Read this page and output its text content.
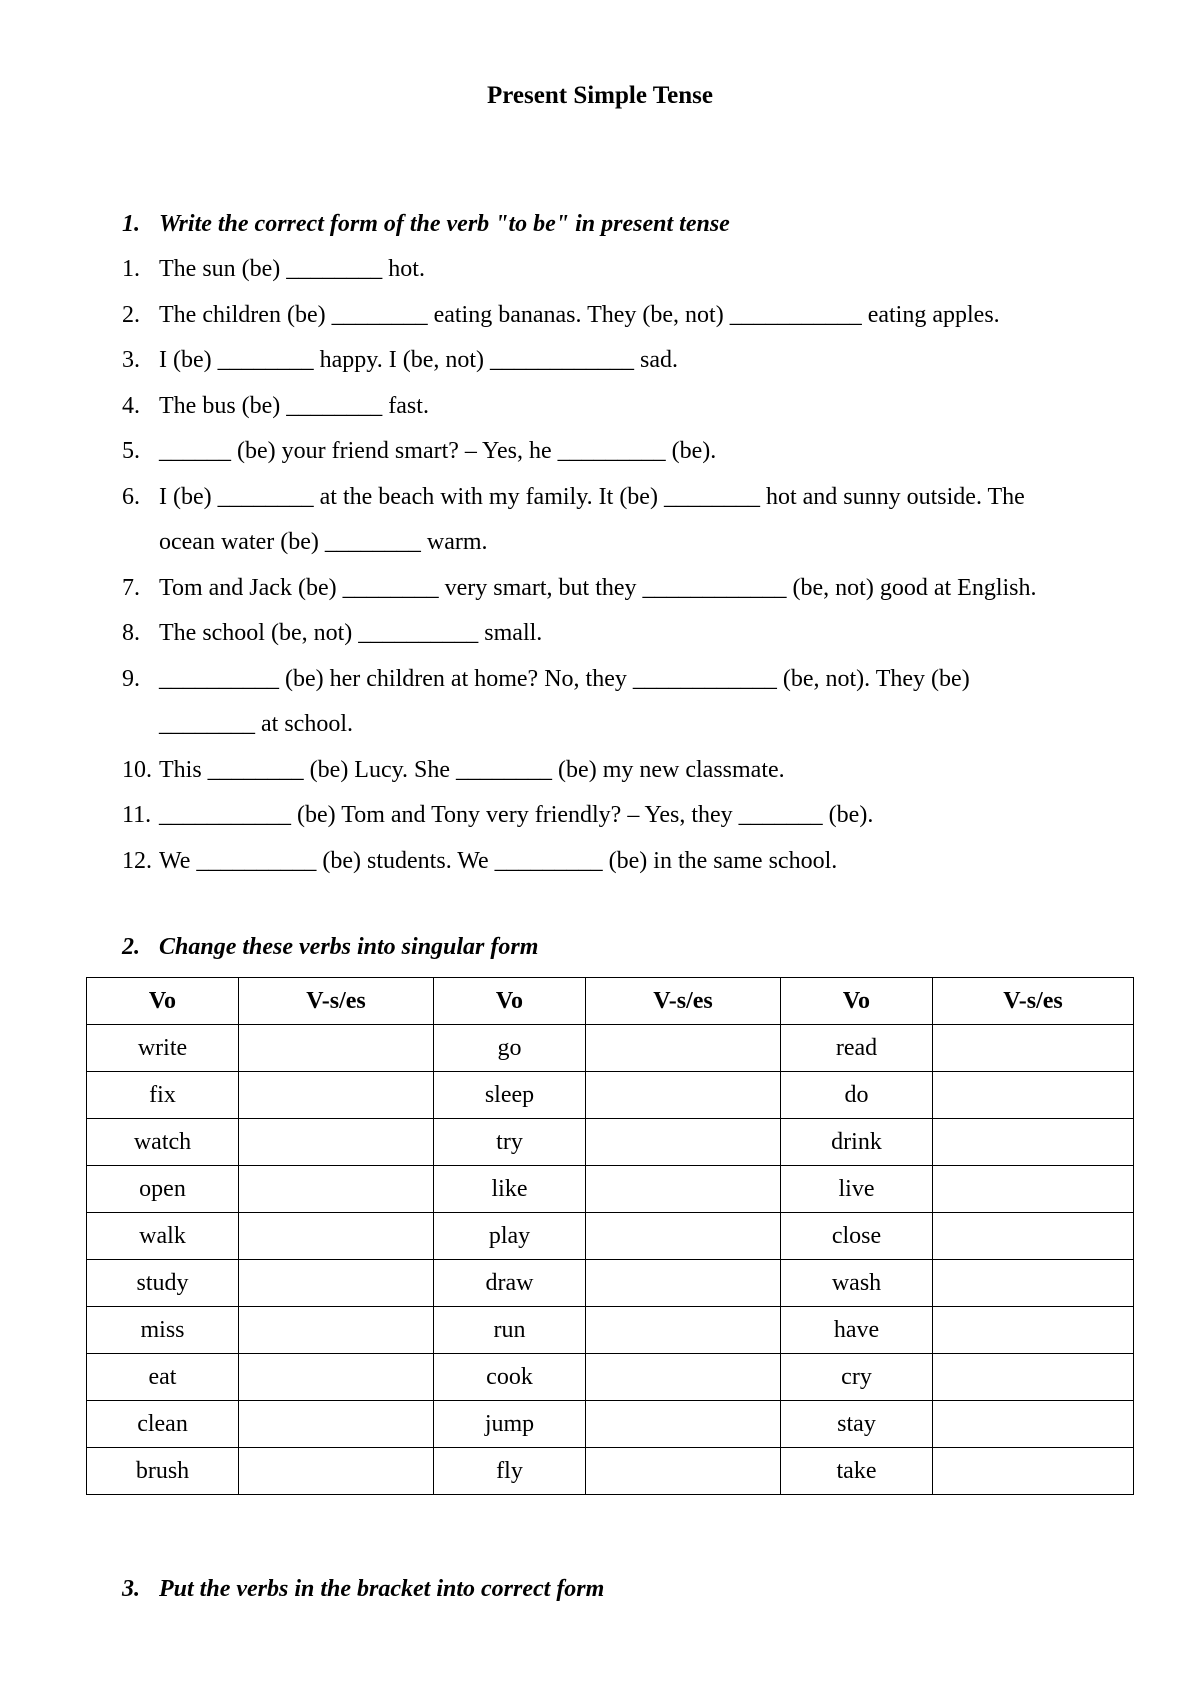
Present Simple Tense
1. Write the correct form of the verb "to be" in present tense
1. The sun (be) ________ hot.
2. The children (be) ________ eating bananas. They (be, not) ___________ eating apples.
3. I (be) ________ happy. I (be, not) ____________ sad.
4. The bus (be) ________ fast.
5. ______ (be) your friend smart? – Yes, he _________ (be).
6. I (be) ________ at the beach with my family. It (be) ________ hot and sunny outside. The
ocean water (be) ________ warm.
7. Tom and Jack (be) ________ very smart, but they ____________ (be, not) good at English.
8. The school (be, not) __________ small.
9. __________ (be) her children at home? No, they ____________ (be, not). They (be)
________ at school.
10. This ________ (be) Lucy. She ________ (be) my new classmate.
11. ___________ (be) Tom and Tony very friendly? – Yes, they _______ (be).
12. We __________ (be) students. We _________ (be) in the same school.
2. Change these verbs into singular form
Vo	V-s/es	Vo	V-s/es	Vo	V-s/es
write		go		read	
fix		sleep		do	
watch		try		drink	
open		like		live	
walk		play		close	
study		draw		wash	
miss		run		have	
eat		cook		cry	
clean		jump		stay	
brush		fly		take	
3. Put the verbs in the bracket into correct form
